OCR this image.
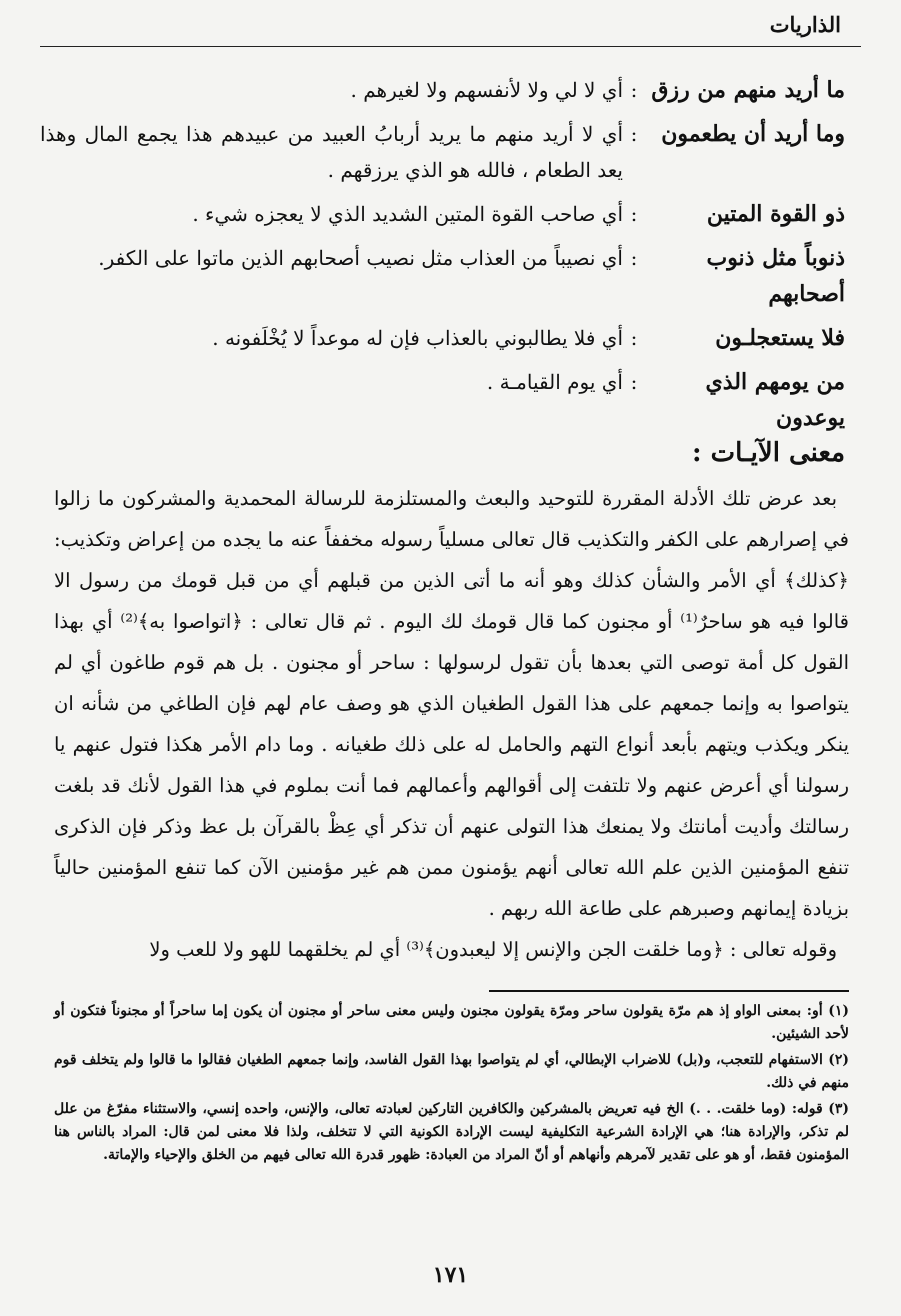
الذاريات
ما أريد منهم من رزق
:
أي لا لي ولا لأنفسهم ولا لغيرهم .
وما أريد أن يطعمون
:
أي لا أريد منهم ما يريد أربابُ العبيد من عبيدهم هذا يجمع المال وهذا يعد الطعام ، فالله هو الذي يرزقهم .
ذو القوة المتين
:
أي صاحب القوة المتين الشديد الذي لا يعجزه شيء .
ذنوباً مثل ذنوب أصحابهم
:
أي نصيباً من العذاب مثل نصيب أصحابهم الذين ماتوا على الكفر.
فلا يستعجلـون
:
أي فلا يطالبوني بالعذاب فإن له موعداً لا يُخْلَفونه .
من يومهم الذي يوعدون
:
أي يوم القيامـة .
معنى الآيـات :

بعد عرض تلك الأدلة المقررة للتوحيد والبعث والمستلزمة للرسالة المحمدية والمشركون ما زالوا في إصرارهم على الكفر والتكذيب قال تعالى مسلياً رسوله مخففاً عنه ما يجده من إعراض وتكذيب: ﴿كذلك﴾ أي الأمر والشأن كذلك وهو أنه ما أتى الذين من قبلهم أي من قبل قومك من رسول الا قالوا فيه هو ساحرٌ⁽¹⁾ أو مجنون كما قال قومك لك اليوم . ثم قال تعالى : ﴿اتواصوا به﴾⁽²⁾ أي بهذا القول كل أمة توصى التي بعدها بأن تقول لرسولها : ساحر أو مجنون . بل هم قوم طاغون أي لم يتواصوا به وإنما جمعهم على هذا القول الطغيان الذي هو وصف عام لهم فإن الطاغي من شأنه ان ينكر ويكذب ويتهم بأبعد أنواع التهم والحامل له على ذلك طغيانه . وما دام الأمر هكذا فتول عنهم يا رسولنا أي أعرض عنهم ولا تلتفت إلى أقوالهم وأعمالهم فما أنت بملوم في هذا القول لأنك قد بلغت رسالتك وأديت أمانتك ولا يمنعك هذا التولى عنهم أن تذكر أي عِظْ بالقرآن بل عظ وذكر فإن الذكرى تنفع المؤمنين الذين علم الله تعالى أنهم يؤمنون ممن هم غير مؤمنين الآن كما تنفع المؤمنين حالياً بزيادة إيمانهم وصبرهم على طاعة الله ربهم .

وقوله تعالى : ﴿وما خلقت الجن والإنس إلا ليعبدون﴾⁽³⁾ أي لم يخلقهما للهو ولا للعب ولا

(١) أو: بمعنى الواو إذ هم مرّة يقولون ساحر ومرّة يقولون مجنون وليس معنى ساحر أو مجنون أن يكون إما ساحراً أو مجنوناً فتكون أو لأحد الشيئين.

(٢) الاستفهام للتعجب، و(بل) للاضراب الإبطالي، أي لم يتواصوا بهذا القول الفاسد، وإنما جمعهم الطغيان فقالوا ما قالوا ولم يتخلف قوم منهم في ذلك.

(٣) قوله: (وما خلقت. . .) الخ فيه تعريض بالمشركين والكافرين التاركين لعبادته تعالى، والإنس، واحده إنسي، والاستثناء مفرّغ من علل لم تذكر، والإرادة هنا؛ هي الإرادة الشرعية التكليفية ليست الإرادة الكونية التي لا تتخلف، ولذا فلا معنى لمن قال: المراد بالناس هنا المؤمنون فقط، أو هو على تقدير لآمرهم وأنهاهم أو أنّ المراد من العبادة: ظهور قدرة الله تعالى فيهم من الخلق والإحياء والإماتة.

١٧١
